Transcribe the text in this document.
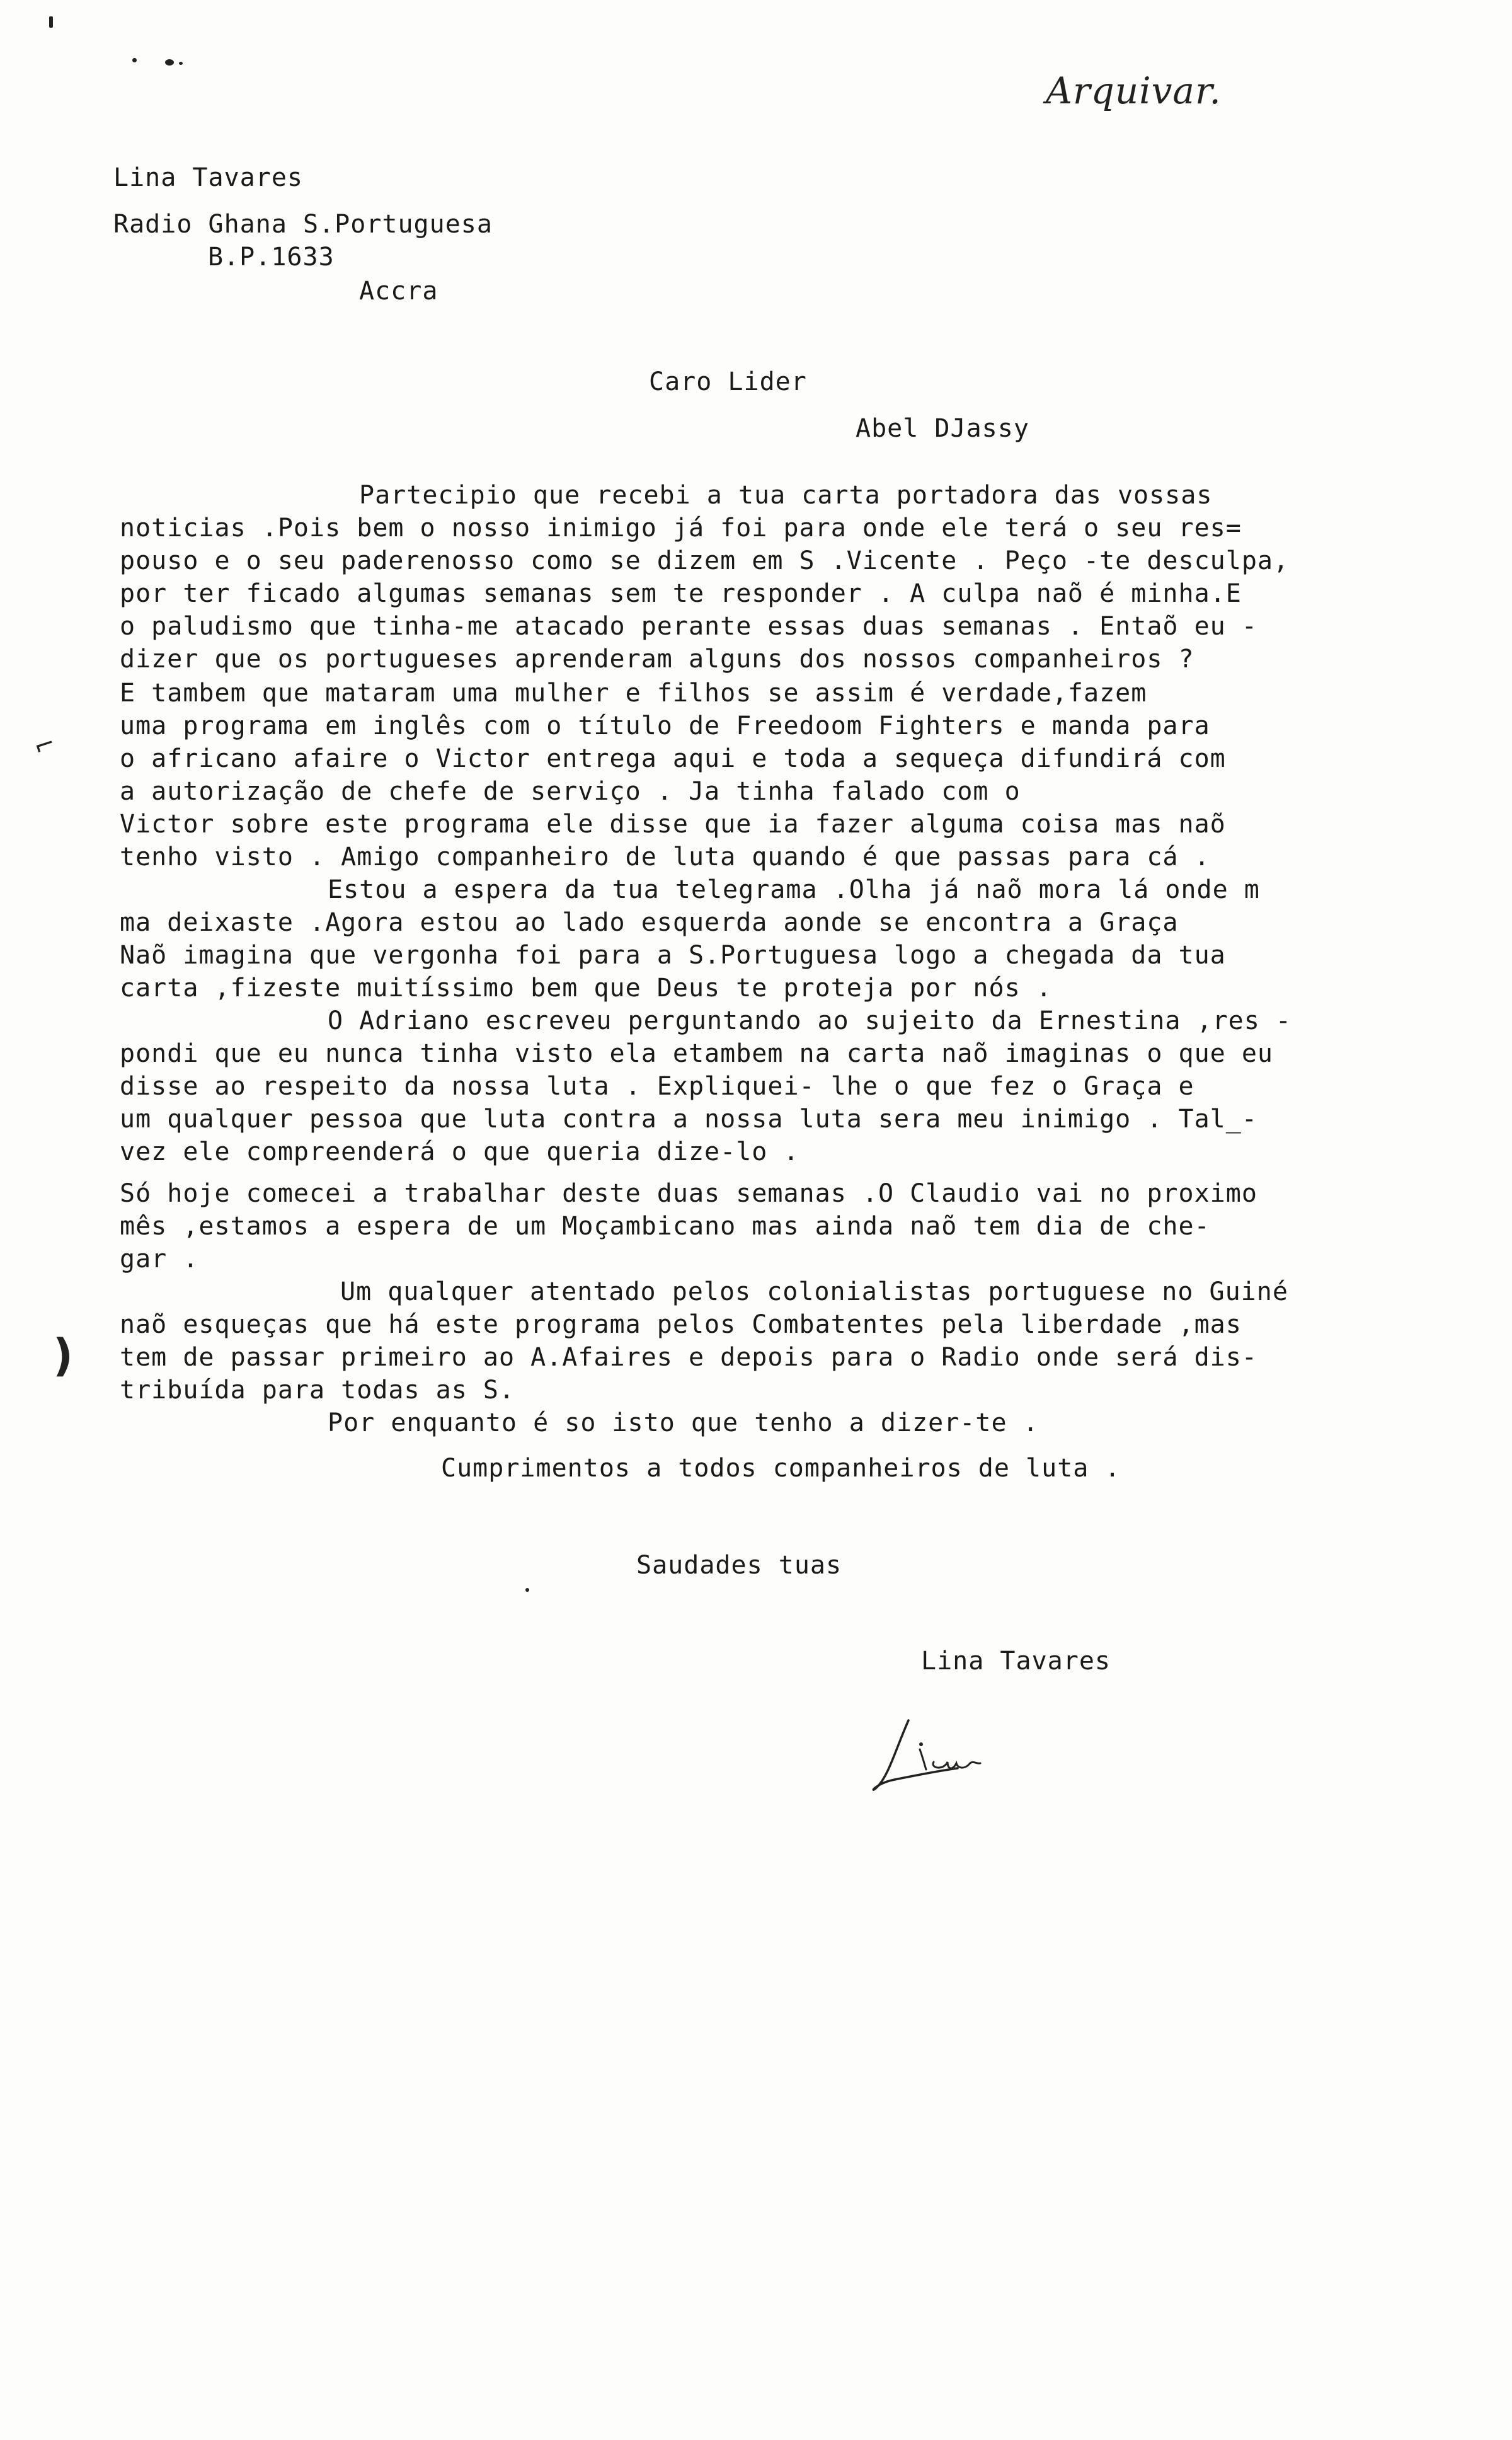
Arquivar.
Lina Tavares
Radio Ghana S.Portuguesa
B.P.1633
Accra
Caro Lider
Abel DJassy
Partecipio que recebi a tua carta portadora das vossas
noticias .Pois bem o nosso inimigo já foi para onde ele terá o seu res=
pouso e o seu paderenosso como se dizem em S .Vicente . Peço -te desculpa,
por ter ficado algumas semanas sem te responder . A culpa naõ é minha.E
o paludismo que tinha-me atacado perante essas duas semanas . Entaõ eu -
dizer que os portugueses aprenderam alguns dos nossos companheiros ?
E tambem que mataram uma mulher e filhos se assim é verdade,fazem
uma programa em inglês com o título de Freedoom Fighters e manda para
o africano afaire o Victor entrega aqui e toda a sequeça difundirá com
a autorização de chefe de serviço . Ja tinha falado com o
Victor sobre este programa ele disse que ia fazer alguma coisa mas naõ
tenho visto . Amigo companheiro de luta quando é que passas para cá .
Estou a espera da tua telegrama .Olha já naõ mora lá onde m
ma deixaste .Agora estou ao lado esquerda aonde se encontra a Graça
Naõ imagina que vergonha foi para a S.Portuguesa logo a chegada da tua
carta ,fizeste muitíssimo bem que Deus te proteja por nós .
O Adriano escreveu perguntando ao sujeito da Ernestina ,res -
pondi que eu nunca tinha visto ela etambem na carta naõ imaginas o que eu
disse ao respeito da nossa luta . Expliquei- lhe o que fez o Graça e
um qualquer pessoa que luta contra a nossa luta sera meu inimigo . Tal_-
vez ele compreenderá o que queria dize-lo .
Só hoje comecei a trabalhar deste duas semanas .O Claudio vai no proximo
mês ,estamos a espera de um Moçambicano mas ainda naõ tem dia de che-
gar .
Um qualquer atentado pelos colonialistas portuguese no Guiné
naõ esqueças que há este programa pelos Combatentes pela liberdade ,mas
tem de passar primeiro ao A.Afaires e depois para o Radio onde será dis-
tribuída para todas as S.
Por enquanto é so isto que tenho a dizer-te .
⌐
)
Cumprimentos a todos companheiros de luta .
Saudades tuas
Lina Tavares
